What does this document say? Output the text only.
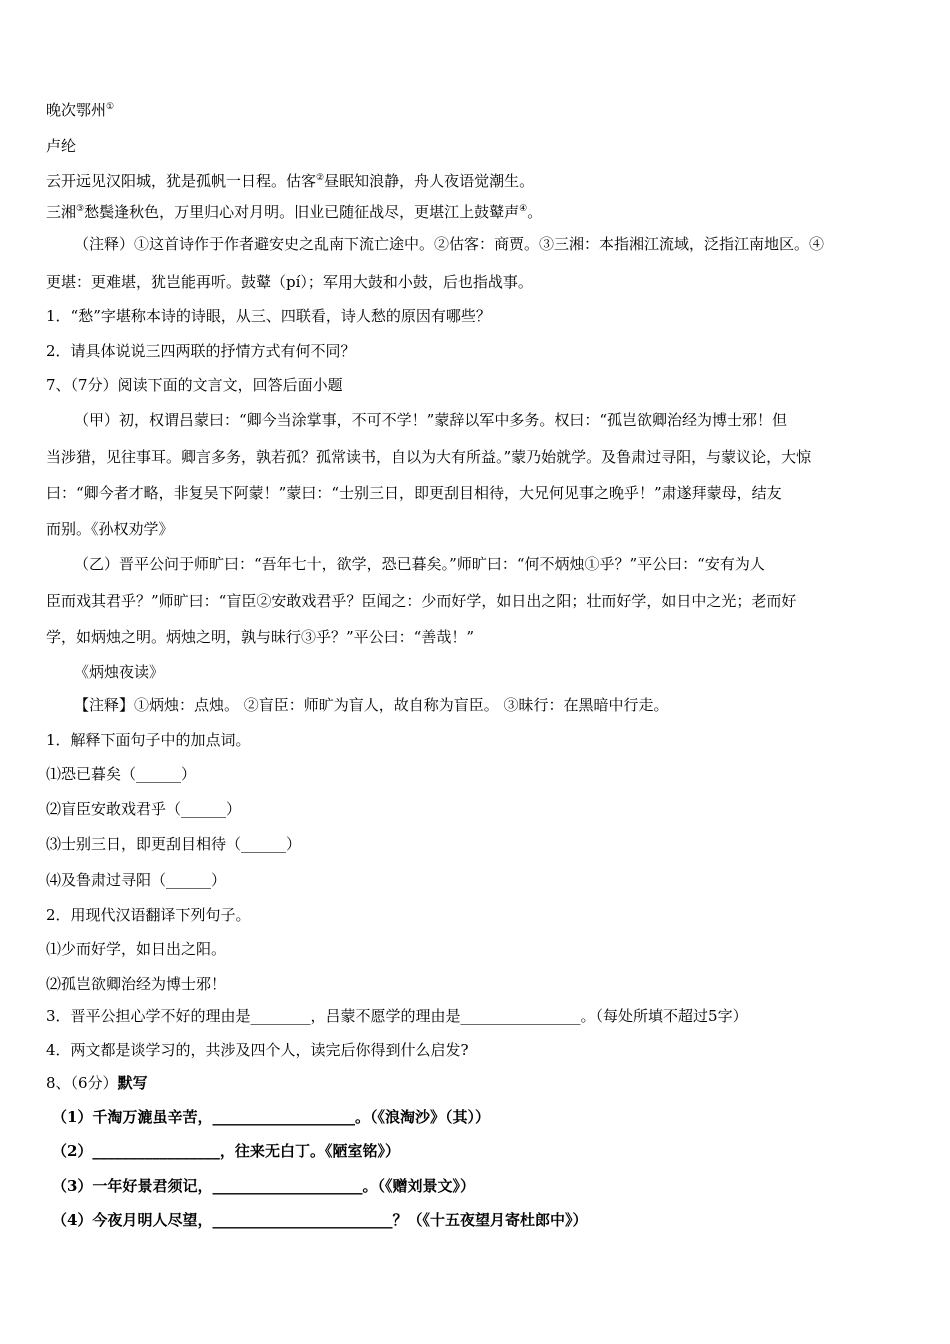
晚次鄂州①
卢纶
云开远见汉阳城，犹是孤帆一日程。估客②昼眠知浪静，舟人夜语觉潮生。
三湘③愁鬓逢秋色，万里归心对月明。旧业已随征战尽，更堪江上鼓鼙声④。
（注释）①这首诗作于作者避安史之乱南下流亡途中。②估客：商贾。③三湘：本指湘江流域，泛指江南地区。④
更堪：更难堪，犹岂能再听。鼓鼙（pí）；军用大鼓和小鼓，后也指战事。
1．“愁”字堪称本诗的诗眼，从三、四联看，诗人愁的原因有哪些？
2．请具体说说三四两联的抒情方式有何不同？
7、（7分）阅读下面的文言文，回答后面小题
（甲）初，权谓吕蒙曰：“卿今当涂掌事，不可不学！”蒙辞以军中多务。权曰：“孤岂欲卿治经为博士邪！但
当涉猎，见往事耳。卿言多务，孰若孤？孤常读书，自以为大有所益。”蒙乃始就学。及鲁肃过寻阳，与蒙议论，大惊
曰：“卿今者才略，非复吴下阿蒙！”蒙曰：“士别三日，即更刮目相待，大兄何见事之晚乎！”肃遂拜蒙母，结友
而别。《孙权劝学》
（乙）晋平公问于师旷曰：“吾年七十，欲学，恐已暮矣。”师旷曰：“何不炳烛①乎？”平公曰：“安有为人
臣而戏其君乎？”师旷曰：“盲臣②安敢戏君乎？臣闻之：少而好学，如日出之阳；壮而好学，如日中之光；老而好
学，如炳烛之明。炳烛之明，孰与昧行③乎？”平公曰：“善哉！”
《炳烛夜读》
【注释】①炳烛：点烛。 ②盲臣：师旷为盲人，故自称为盲臣。 ③昧行：在黑暗中行走。
1．解释下面句子中的加点词。
⑴恐已暮矣（______）
⑵盲臣安敢戏君乎（______）
⑶士别三日，即更刮目相待（______）
⑷及鲁肃过寻阳（______）
2．用现代汉语翻译下列句子。
⑴少而好学，如日出之阳。
⑵孤岂欲卿治经为博士邪！
3．晋平公担心学不好的理由是________，吕蒙不愿学的理由是________________。（每处所填不超过5字）
4．两文都是谈学习的，共涉及四个人，读完后你得到什么启发?
8、（6分）默写
（1）千淘万漉虽辛苦，___________________。（《浪淘沙》（其））
（2）_________________，往来无白丁。《陋室铭》）
（3）一年好景君须记，____________________。（《赠刘景文》）
（4）今夜月明人尽望，________________________？（《十五夜望月寄杜郎中》）
